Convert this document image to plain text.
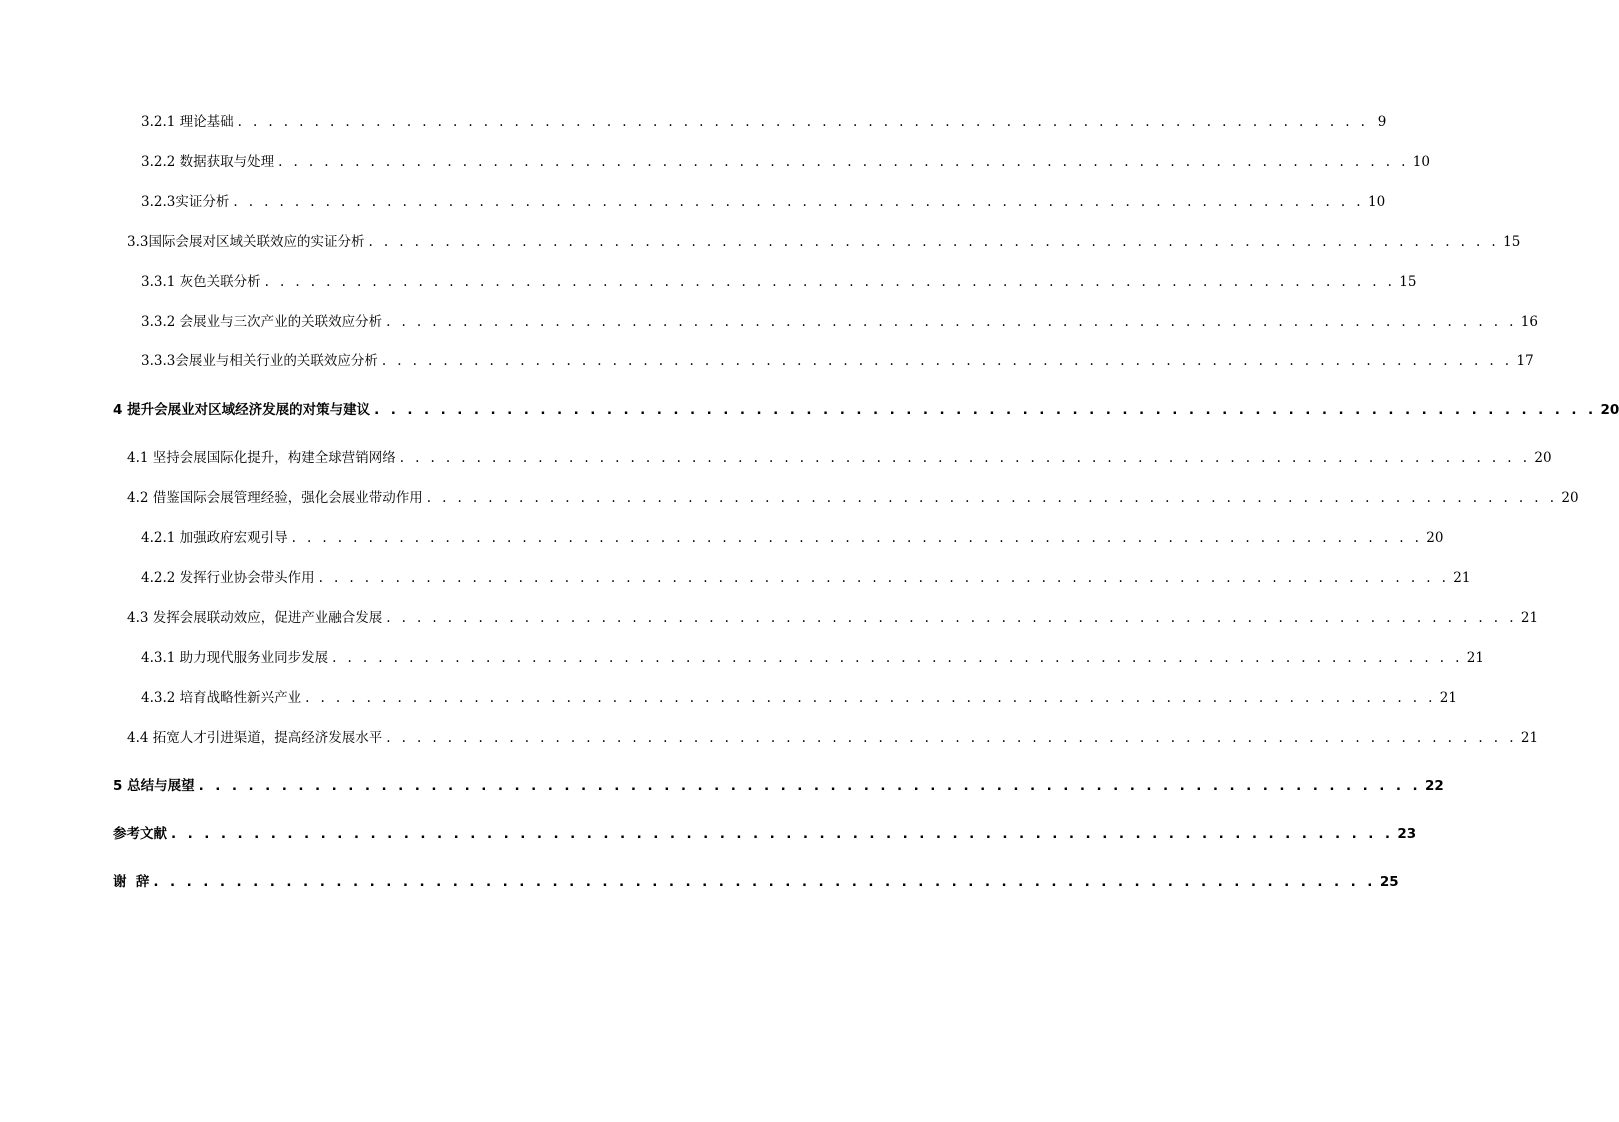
3.2.1 理论基础 . . . . . . . . . . . . . . . . . . . . . . . . . . . . . . . . . . . . . . . . . . . . . . . . . . . . . . . . . . . . . . . . . . . . . . . . . . 9
3.2.2 数据获取与处理 . . . . . . . . . . . . . . . . . . . . . . . . . . . . . . . . . . . . . . . . . . . . . . . . . . . . . . . . . . . . . . . . . . . . . . . . . . 10
3.2.3实证分析 . . . . . . . . . . . . . . . . . . . . . . . . . . . . . . . . . . . . . . . . . . . . . . . . . . . . . . . . . . . . . . . . . . . . . . . . . . 10
3.3国际会展对区域关联效应的实证分析 . . . . . . . . . . . . . . . . . . . . . . . . . . . . . . . . . . . . . . . . . . . . . . . . . . . . . . . . . . . . . . . . . . . . . . . . . . 15
3.3.1 灰色关联分析 . . . . . . . . . . . . . . . . . . . . . . . . . . . . . . . . . . . . . . . . . . . . . . . . . . . . . . . . . . . . . . . . . . . . . . . . . . 15
3.3.2 会展业与三次产业的关联效应分析 . . . . . . . . . . . . . . . . . . . . . . . . . . . . . . . . . . . . . . . . . . . . . . . . . . . . . . . . . . . . . . . . . . . . . . . . . . 16
3.3.3会展业与相关行业的关联效应分析 . . . . . . . . . . . . . . . . . . . . . . . . . . . . . . . . . . . . . . . . . . . . . . . . . . . . . . . . . . . . . . . . . . . . . . . . . . 17
4 提升会展业对区域经济发展的对策与建议 . . . . . . . . . . . . . . . . . . . . . . . . . . . . . . . . . . . . . . . . . . . . . . . . . . . . . . . . . . . . . . . . . . . . . . . . . . 20
4.1 坚持会展国际化提升，构建全球营销网络 . . . . . . . . . . . . . . . . . . . . . . . . . . . . . . . . . . . . . . . . . . . . . . . . . . . . . . . . . . . . . . . . . . . . . . . . . . 20
4.2 借鉴国际会展管理经验，强化会展业带动作用 . . . . . . . . . . . . . . . . . . . . . . . . . . . . . . . . . . . . . . . . . . . . . . . . . . . . . . . . . . . . . . . . . . . . . . . . . . 20
4.2.1 加强政府宏观引导 . . . . . . . . . . . . . . . . . . . . . . . . . . . . . . . . . . . . . . . . . . . . . . . . . . . . . . . . . . . . . . . . . . . . . . . . . . 20
4.2.2 发挥行业协会带头作用 . . . . . . . . . . . . . . . . . . . . . . . . . . . . . . . . . . . . . . . . . . . . . . . . . . . . . . . . . . . . . . . . . . . . . . . . . . 21
4.3 发挥会展联动效应，促进产业融合发展 . . . . . . . . . . . . . . . . . . . . . . . . . . . . . . . . . . . . . . . . . . . . . . . . . . . . . . . . . . . . . . . . . . . . . . . . . . 21
4.3.1 助力现代服务业同步发展 . . . . . . . . . . . . . . . . . . . . . . . . . . . . . . . . . . . . . . . . . . . . . . . . . . . . . . . . . . . . . . . . . . . . . . . . . . 21
4.3.2 培育战略性新兴产业 . . . . . . . . . . . . . . . . . . . . . . . . . . . . . . . . . . . . . . . . . . . . . . . . . . . . . . . . . . . . . . . . . . . . . . . . . . 21
4.4 拓宽人才引进渠道，提高经济发展水平 . . . . . . . . . . . . . . . . . . . . . . . . . . . . . . . . . . . . . . . . . . . . . . . . . . . . . . . . . . . . . . . . . . . . . . . . . . 21
5 总结与展望 . . . . . . . . . . . . . . . . . . . . . . . . . . . . . . . . . . . . . . . . . . . . . . . . . . . . . . . . . . . . . . . . . . . . . . . . . . 22
参考文献 . . . . . . . . . . . . . . . . . . . . . . . . . . . . . . . . . . . . . . . . . . . . . . . . . . . . . . . . . . . . . . . . . . . . . . . . . . 23
谢  辞 . . . . . . . . . . . . . . . . . . . . . . . . . . . . . . . . . . . . . . . . . . . . . . . . . . . . . . . . . . . . . . . . . . . . . . . . . . 25
